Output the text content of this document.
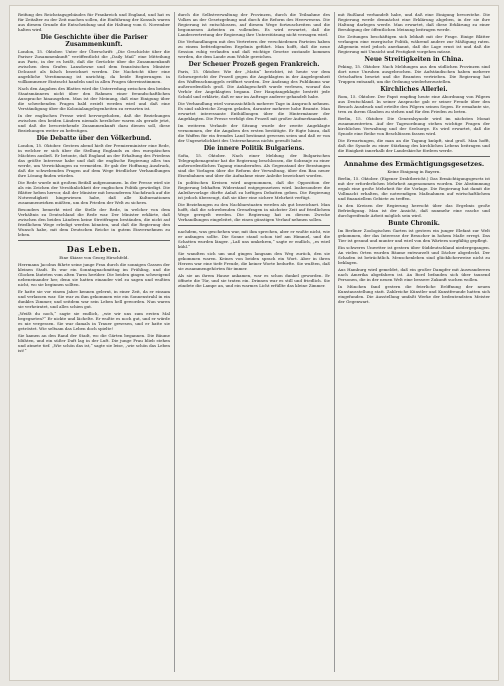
Reifung des Reichstagsgebäudes für Frankreich und England, und hat es für Zeitalter zu der Zeit machen sollen, die Einführung der Konsuls waren aus diesem Grunde die Entscheidung und die Haltung vom 6. November halten wird.

Die Geschichte über die Pariser Zusammenkunft.

London, 15. Oktober. Unter der Überschrift: „Die Geschichte über die Pariser Zusammenkunft“ veröffentlicht die „Daily Mail“ eine Mitteilung aus Paris, in der es heißt, daß die Gerüchte über die Zusammenkunft zwischen dem Grafen Lansdowne und dem französischen Minister Delcassé als falsch bezeichnet werden. Die Nachricht über eine angebliche Verstimmung ist unrichtig, da beide Regierungen in vollkommener Eintracht handeln und in allen Fragen übereinstimmen.

Nach den Angaben des Blattes wird die Unterredung zwischen den beiden Staatsmännern nicht über den Rahmen einer freundschaftlichen Aussprache hinausgehen. Man ist der Meinung, daß eine Einigung über die schwebenden Fragen bald erzielt werden wird und daß eine Verständigung über die Kolonialangelegenheiten zu erwarten ist.

In der englischen Presse wird hervorgehoben, daß die Beziehungen zwischen den beiden Ländern niemals herzlicher waren als gerade jetzt, und daß die bevorstehende Zusammenkunft dazu dienen soll, diese Beziehungen weiter zu befestigen.

Die Debatte über den Völkerbund.

London, 15. Oktober. Gestern abend hielt der Premierminister eine Rede, in welcher er sich über die Stellung Englands zu den europäischen Mächten ausließ. Er betonte, daß England an der Erhaltung des Friedens das größte Interesse habe und daß die englische Regierung alles tun werde, um Verwicklungen zu vermeiden. Er gab der Hoffnung Ausdruck, daß die schwebenden Fragen auf dem Wege friedlicher Verhandlungen ihre Lösung finden würden.

Die Rede wurde mit großem Beifall aufgenommen. In der Presse wird sie als ein Zeichen der Versöhnlichkeit der englischen Politik gewürdigt. Die Blätter heben hervor, daß der Minister mit besonderem Nachdruck auf die Notwendigkeit hingewiesen habe, daß alle Kulturnationen zusammenwirken müßten, um den Frieden der Welt zu sichern.

Besonders bemerkt wird die Stelle der Rede, in welcher von dem Verhältnis zu Deutschland die Rede war. Der Minister erklärte, daß zwischen den beiden Ländern keine Streitfragen beständen, die nicht auf friedlichem Wege erledigt werden könnten, und daß die Regierung den Wunsch habe, mit dem Deutschen Reiche in gutem Einvernehmen zu leben.

Das Leben.
Eine Skizze von Georg Hirschfeld.

Herrmann Jacobus führte seine junge Frau durch die sonnigen Gassen der kleinen Stadt. Es war ein Sonntagnachmittag im Frühling, und die Glocken läuteten vom alten Turm herüber. Die beiden gingen schweigend nebeneinander her, denn sie hatten einander viel zu sagen und wußten nicht, wo sie beginnen sollten.

Er hatte sie vor einem Jahre kennen gelernt, in einer Zeit, da er einsam und verlassen war. Sie war zu ihm gekommen wie ein Sonnenstrahl in ein dunkles Zimmer, und seitdem war sein Leben hell geworden. Nun waren sie verheiratet, und alles schien gut.

„Weißt du noch,“ sagte sie endlich, „wie wir uns zum ersten Mal begegneten?“ Er nickte und lächelte. Er wußte es noch gut, und er würde es nie vergessen. Sie war damals in Trauer gewesen, und er hatte sie getröstet. Wie seltsam das Leben doch spielte!

Sie kamen an den Rand der Stadt, wo die Gärten begannen. Die Bäume blühten, und ein süßer Duft lag in der Luft. Die junge Frau blieb stehen und atmete tief. „Wie schön das ist,“ sagte sie leise, „wie schön das Leben ist!“

durch die Selbstverwaltung der Provinzen, durch die Teilnahme des Volkes an der Gesetzgebung und durch die Reform des Heerwesens. Die Regierung ist entschlossen, auf diesem Wege fortzuschreiten und die begonnenen Arbeiten zu vollenden. Es wird erwartet, daß die Landesvertretung der Regierung ihre Unterstützung nicht versagen wird.

Die Verhandlungen mit den Vertretern der verschiedenen Parteien haben zu einem befriedigenden Ergebnis geführt. Man hofft, daß die neue Session ruhig verlaufen und daß wichtige Gesetze zustande kommen werden, die dem Lande zum Wohle gereichen.

Der Scheuer Prozeß gegen Frankreich.

Paris, 15. Oktober. Wie der „Matin“ berichtet, ist heute vor dem Schwurgericht der Prozeß gegen die Angeklagten in der Angelegenheit des Waffenschmuggels eröffnet worden. Der Andrang des Publikums war außerordentlich groß. Die Anklageschrift wurde verlesen, worauf das Verhör der Angeklagten begann. Der Hauptangeklagte bestritt jede Schuld und erklärte, daß er nur im Auftrage anderer gehandelt habe.

Die Verhandlung wird voraussichtlich mehrere Tage in Anspruch nehmen. Es sind zahlreiche Zeugen geladen, darunter mehrere hohe Beamte. Man erwartet interessante Enthüllungen über die Hintermänner der Angeklagten. Die Presse verfolgt den Prozeß mit großer Aufmerksamkeit.

Im weiteren Verlaufe der Sitzung wurde der zweite Angeklagte vernommen, der die Angaben des ersten bestätigte. Er fügte hinzu, daß die Waffen für ein fremdes Land bestimmt gewesen seien und daß er von der Ungesetzlichkeit des Unternehmens nichts gewußt habe.

Die innere Politik Bulgariens.

Sofia, 15. Oktober. Nach einer Meldung der Bulgarischen Telegraphenagentur hat die Regierung beschlossen, die Sobranje zu einer außerordentlichen Tagung einzuberufen. Als Gegenstand der Beratungen sind die Vorlagen über die Reform der Verwaltung, über den Bau neuer Eisenbahnen und über die Aufnahme einer Anleihe bezeichnet worden.

In politischen Kreisen wird angenommen, daß die Opposition der Regierung lebhaften Widerstand entgegensetzen wird. Insbesondere die Anleihevorlage dürfte Anlaß zu heftigen Debatten geben. Die Regierung ist jedoch überzeugt, daß sie über eine sichere Mehrheit verfügt.

Die Beziehungen zu den Nachbarstaaten werden als gut bezeichnet. Man hofft, daß die schwebenden Grenzfragen in nächster Zeit auf friedlichem Wege geregelt werden. Die Regierung hat zu diesem Zwecke Verhandlungen eingeleitet, die einen günstigen Verlauf nehmen sollen.

nachdem, was geschehen war, mit ihm sprechen, aber er wußte nicht, wie er anfangen sollte. Die Sonne stand schon tief am Himmel, und die Schatten wurden länger. „Laß uns umkehren,“ sagte er endlich, „es wird kühl.“

Sie wandten sich um und gingen langsam den Weg zurück, den sie gekommen waren. Keines von beiden sprach ein Wort. Aber in ihren Herzen war eine tiefe Freude, die keiner Worte bedurfte. Sie wußten, daß sie zusammengehörten für immer.

Als sie an ihrem Hause ankamen, war es schon dunkel geworden. Er öffnete die Tür, und sie traten ein. Drinnen war es still und friedlich. Sie zündete die Lampe an, und ein warmes Licht erfüllte das kleine Zimmer.

mit Rußland verhandelt habe, und daß eine Einigung bevorstehe. Die Regierung werde demnächst eine Erklärung abgeben, in der sie ihre Haltung darlegen werde. Man erwartet, daß diese Erklärung zu einer Beruhigung der öffentlichen Meinung beitragen werde.

Die Zeitungen beschäftigen sich lebhaft mit der Frage. Einige Blätter verlangen eine energische Politik, während andere zur Mäßigung raten. Allgemein wird jedoch anerkannt, daß die Lage ernst ist und daß die Regierung mit Umsicht und Festigkeit vorgehen müsse.

Neue Streitigkeiten in China.

Peking, 15. Oktober. Nach Meldungen aus den südlichen Provinzen sind dort neue Unruhen ausgebrochen. Die Aufständischen haben mehrere Ortschaften besetzt und die Beamten vertrieben. Die Regierung hat Truppen entsandt, um die Ordnung wiederherzustellen.

Kirchliches Allerlei.

Rom, 15. Oktober. Der Papst empfing heute eine Abordnung von Pilgern aus Deutschland. In seiner Ansprache gab er seiner Freude über den Besuch Ausdruck und erteilte den Pilgern seinen Segen. Er ermahnte sie, treu zu ihrem Glauben zu stehen und für den Frieden zu beten.

Berlin, 15. Oktober. Die Generalsynode wird im nächsten Monat zusammentreten. Auf der Tagesordnung stehen wichtige Fragen der kirchlichen Verwaltung und der Seelsorge. Es wird erwartet, daß die Synode eine Reihe von Beschlüssen fassen wird.

Die Erwartungen, die man an die Tagung knüpft, sind groß. Man hofft, daß die Synode zu einer Stärkung des kirchlichen Lebens beitragen und die Einigkeit innerhalb der Landeskirche fördern werde.

Annahme des Ermächtigungsgesetzes.
Keine Einigung in Bayern.

Berlin, 15. Oktober. (Eigener Drahtbericht.) Das Ermächtigungsgesetz ist mit der erforderlichen Mehrheit angenommen worden. Die Abstimmung ergab eine große Mehrheit für die Vorlage. Die Regierung hat damit die Vollmacht erhalten, die notwendigen Maßnahmen auf wirtschaftlichem und finanziellem Gebiete zu treffen.

In den Kreisen der Regierung herrscht über das Ergebnis große Befriedigung. Man ist der Ansicht, daß nunmehr eine rasche und durchgreifende Arbeit möglich sein wird.

Bunte Chronik.

Im Berliner Zoologischen Garten ist gestern ein junger Elefant zur Welt gekommen, der das Interesse der Besucher in hohem Maße erregt. Das Tier ist gesund und munter und wird von den Wärtern sorgfältig gepflegt.

Ein schweres Unwetter ist gestern über Süddeutschland niedergegangen. An vielen Orten wurden Bäume entwurzelt und Dächer abgedeckt. Der Schaden ist beträchtlich. Menschenleben sind glücklicherweise nicht zu beklagen.

Aus Hamburg wird gemeldet, daß ein großer Dampfer mit Auswanderern nach Amerika abgefahren ist. An Bord befanden sich über tausend Personen, die in der neuen Welt eine bessere Zukunft suchen wollen.

In München fand gestern die feierliche Eröffnung der neuen Kunstausstellung statt. Zahlreiche Künstler und Kunstfreunde hatten sich eingefunden. Die Ausstellung umfaßt Werke der bedeutendsten Meister der Gegenwart.
